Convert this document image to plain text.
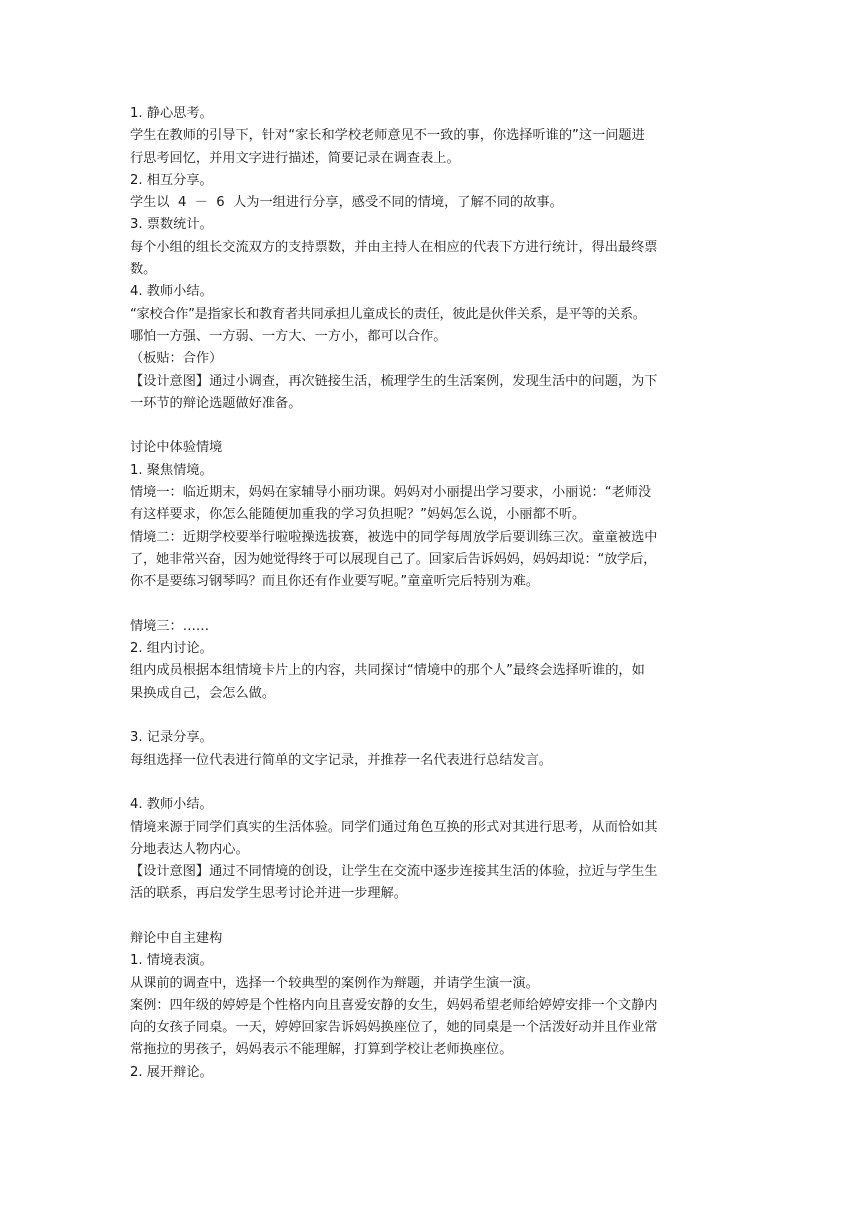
1. 静心思考。
学生在教师的引导下，针对“家长和学校老师意见不一致的事，你选择听谁的”这一问题进
行思考回忆，并用文字进行描述，简要记录在调查表上。
2. 相互分享。
学生以  4  －  6  人为一组进行分享，感受不同的情境，了解不同的故事。
3. 票数统计。
每个小组的组长交流双方的支持票数，并由主持人在相应的代表下方进行统计，得出最终票
数。
4. 教师小结。
“家校合作”是指家长和教育者共同承担儿童成长的责任，彼此是伙伴关系，是平等的关系。
哪怕一方强、一方弱、一方大、一方小，都可以合作。
（板贴：合作）
【设计意图】通过小调查，再次链接生活，梳理学生的生活案例，发现生活中的问题，为下
一环节的辩论选题做好准备。
讨论中体验情境
1. 聚焦情境。
情境一：临近期末，妈妈在家辅导小丽功课。妈妈对小丽提出学习要求，小丽说：“老师没
有这样要求，你怎么能随便加重我的学习负担呢？”妈妈怎么说，小丽都不听。
情境二：近期学校要举行啦啦操选拔赛，被选中的同学每周放学后要训练三次。童童被选中
了，她非常兴奋，因为她觉得终于可以展现自己了。回家后告诉妈妈，妈妈却说：“放学后，
你不是要练习钢琴吗？而且你还有作业要写呢。”童童听完后特别为难。
情境三：……
2. 组内讨论。
组内成员根据本组情境卡片上的内容，共同探讨“情境中的那个人”最终会选择听谁的，如
果换成自己，会怎么做。
3. 记录分享。
每组选择一位代表进行简单的文字记录，并推荐一名代表进行总结发言。
4. 教师小结。
情境来源于同学们真实的生活体验。同学们通过角色互换的形式对其进行思考，从而恰如其
分地表达人物内心。
【设计意图】通过不同情境的创设，让学生在交流中逐步连接其生活的体验，拉近与学生生
活的联系，再启发学生思考讨论并进一步理解。
辩论中自主建构
1. 情境表演。
从课前的调查中，选择一个较典型的案例作为辩题，并请学生演一演。
案例：四年级的婷婷是个性格内向且喜爱安静的女生，妈妈希望老师给婷婷安排一个文静内
向的女孩子同桌。一天，婷婷回家告诉妈妈换座位了，她的同桌是一个活泼好动并且作业常
常拖拉的男孩子，妈妈表示不能理解，打算到学校让老师换座位。
2. 展开辩论。
